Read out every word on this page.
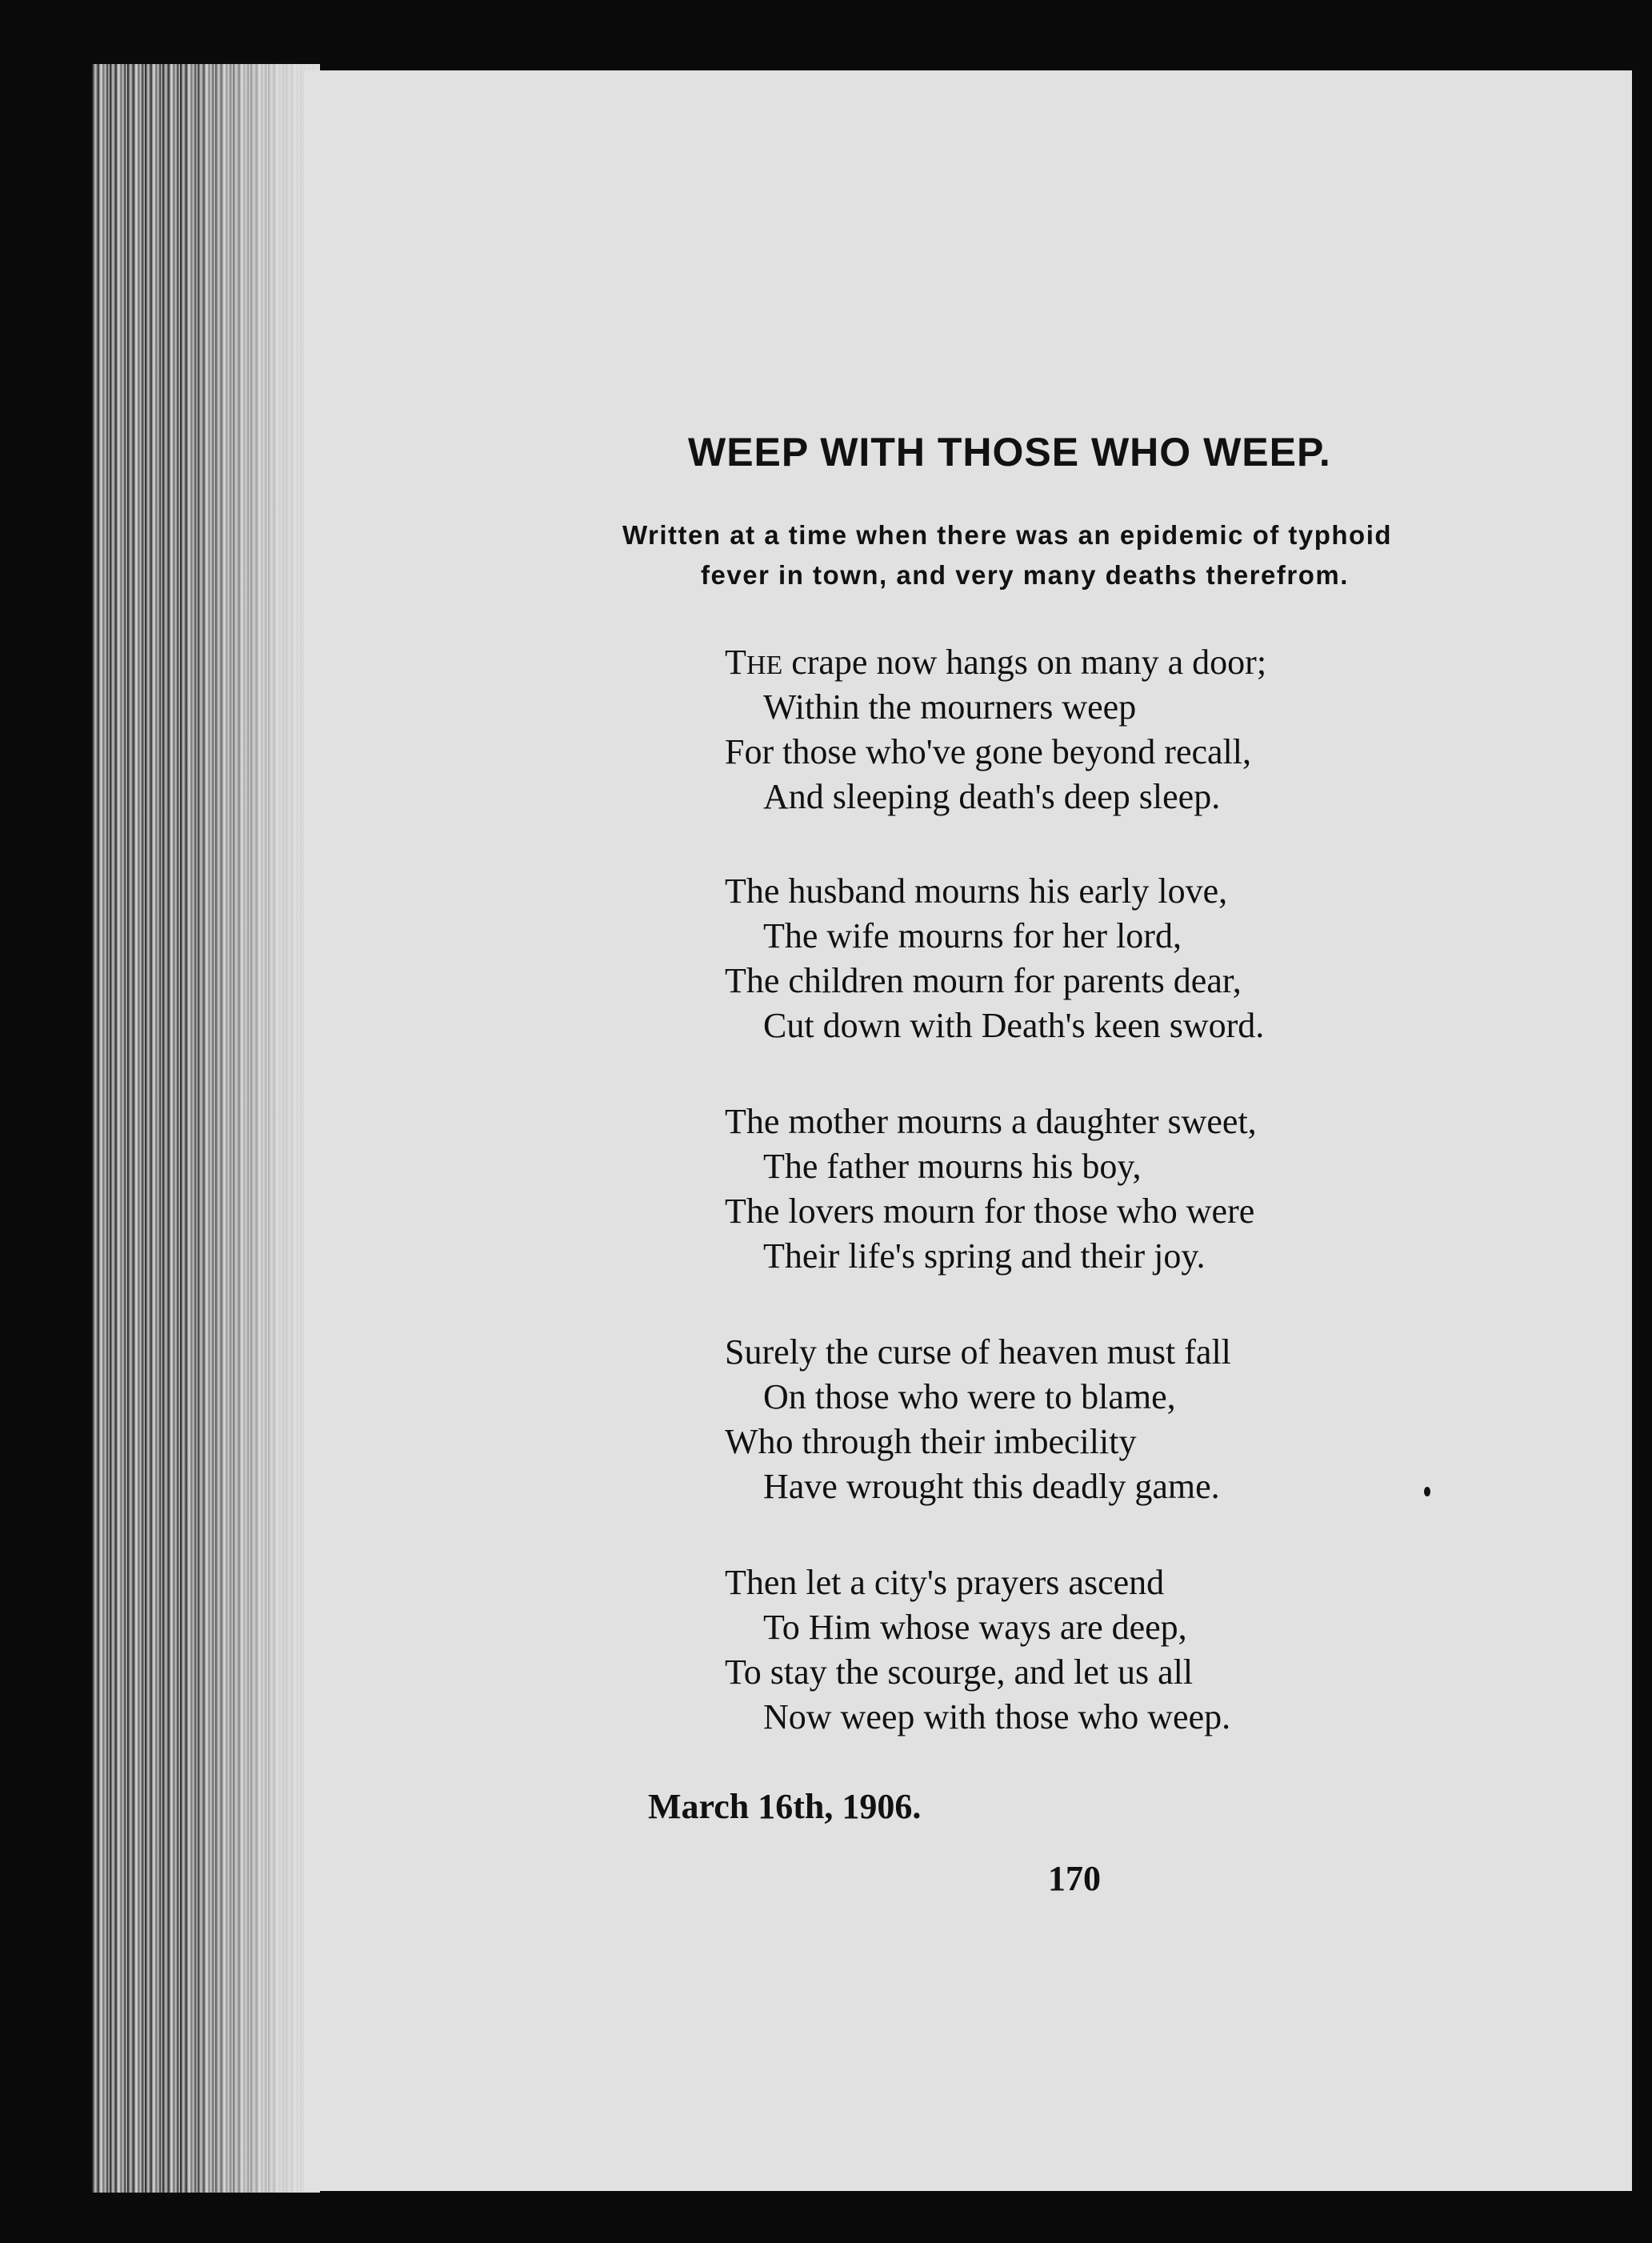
WEEP WITH THOSE WHO WEEP.
Written at a time when there was an epidemic of typhoid
fever in town, and very many deaths therefrom.
THE crape now hangs on many a door;
Within the mourners weep
For those who've gone beyond recall,
And sleeping death's deep sleep.
The husband mourns his early love,
The wife mourns for her lord,
The children mourn for parents dear,
Cut down with Death's keen sword.
The mother mourns a daughter sweet,
The father mourns his boy,
The lovers mourn for those who were
Their life's spring and their joy.
Surely the curse of heaven must fall
On those who were to blame,
Who through their imbecility
Have wrought this deadly game.
Then let a city's prayers ascend
To Him whose ways are deep,
To stay the scourge, and let us all
Now weep with those who weep.
March 16th, 1906.
170
